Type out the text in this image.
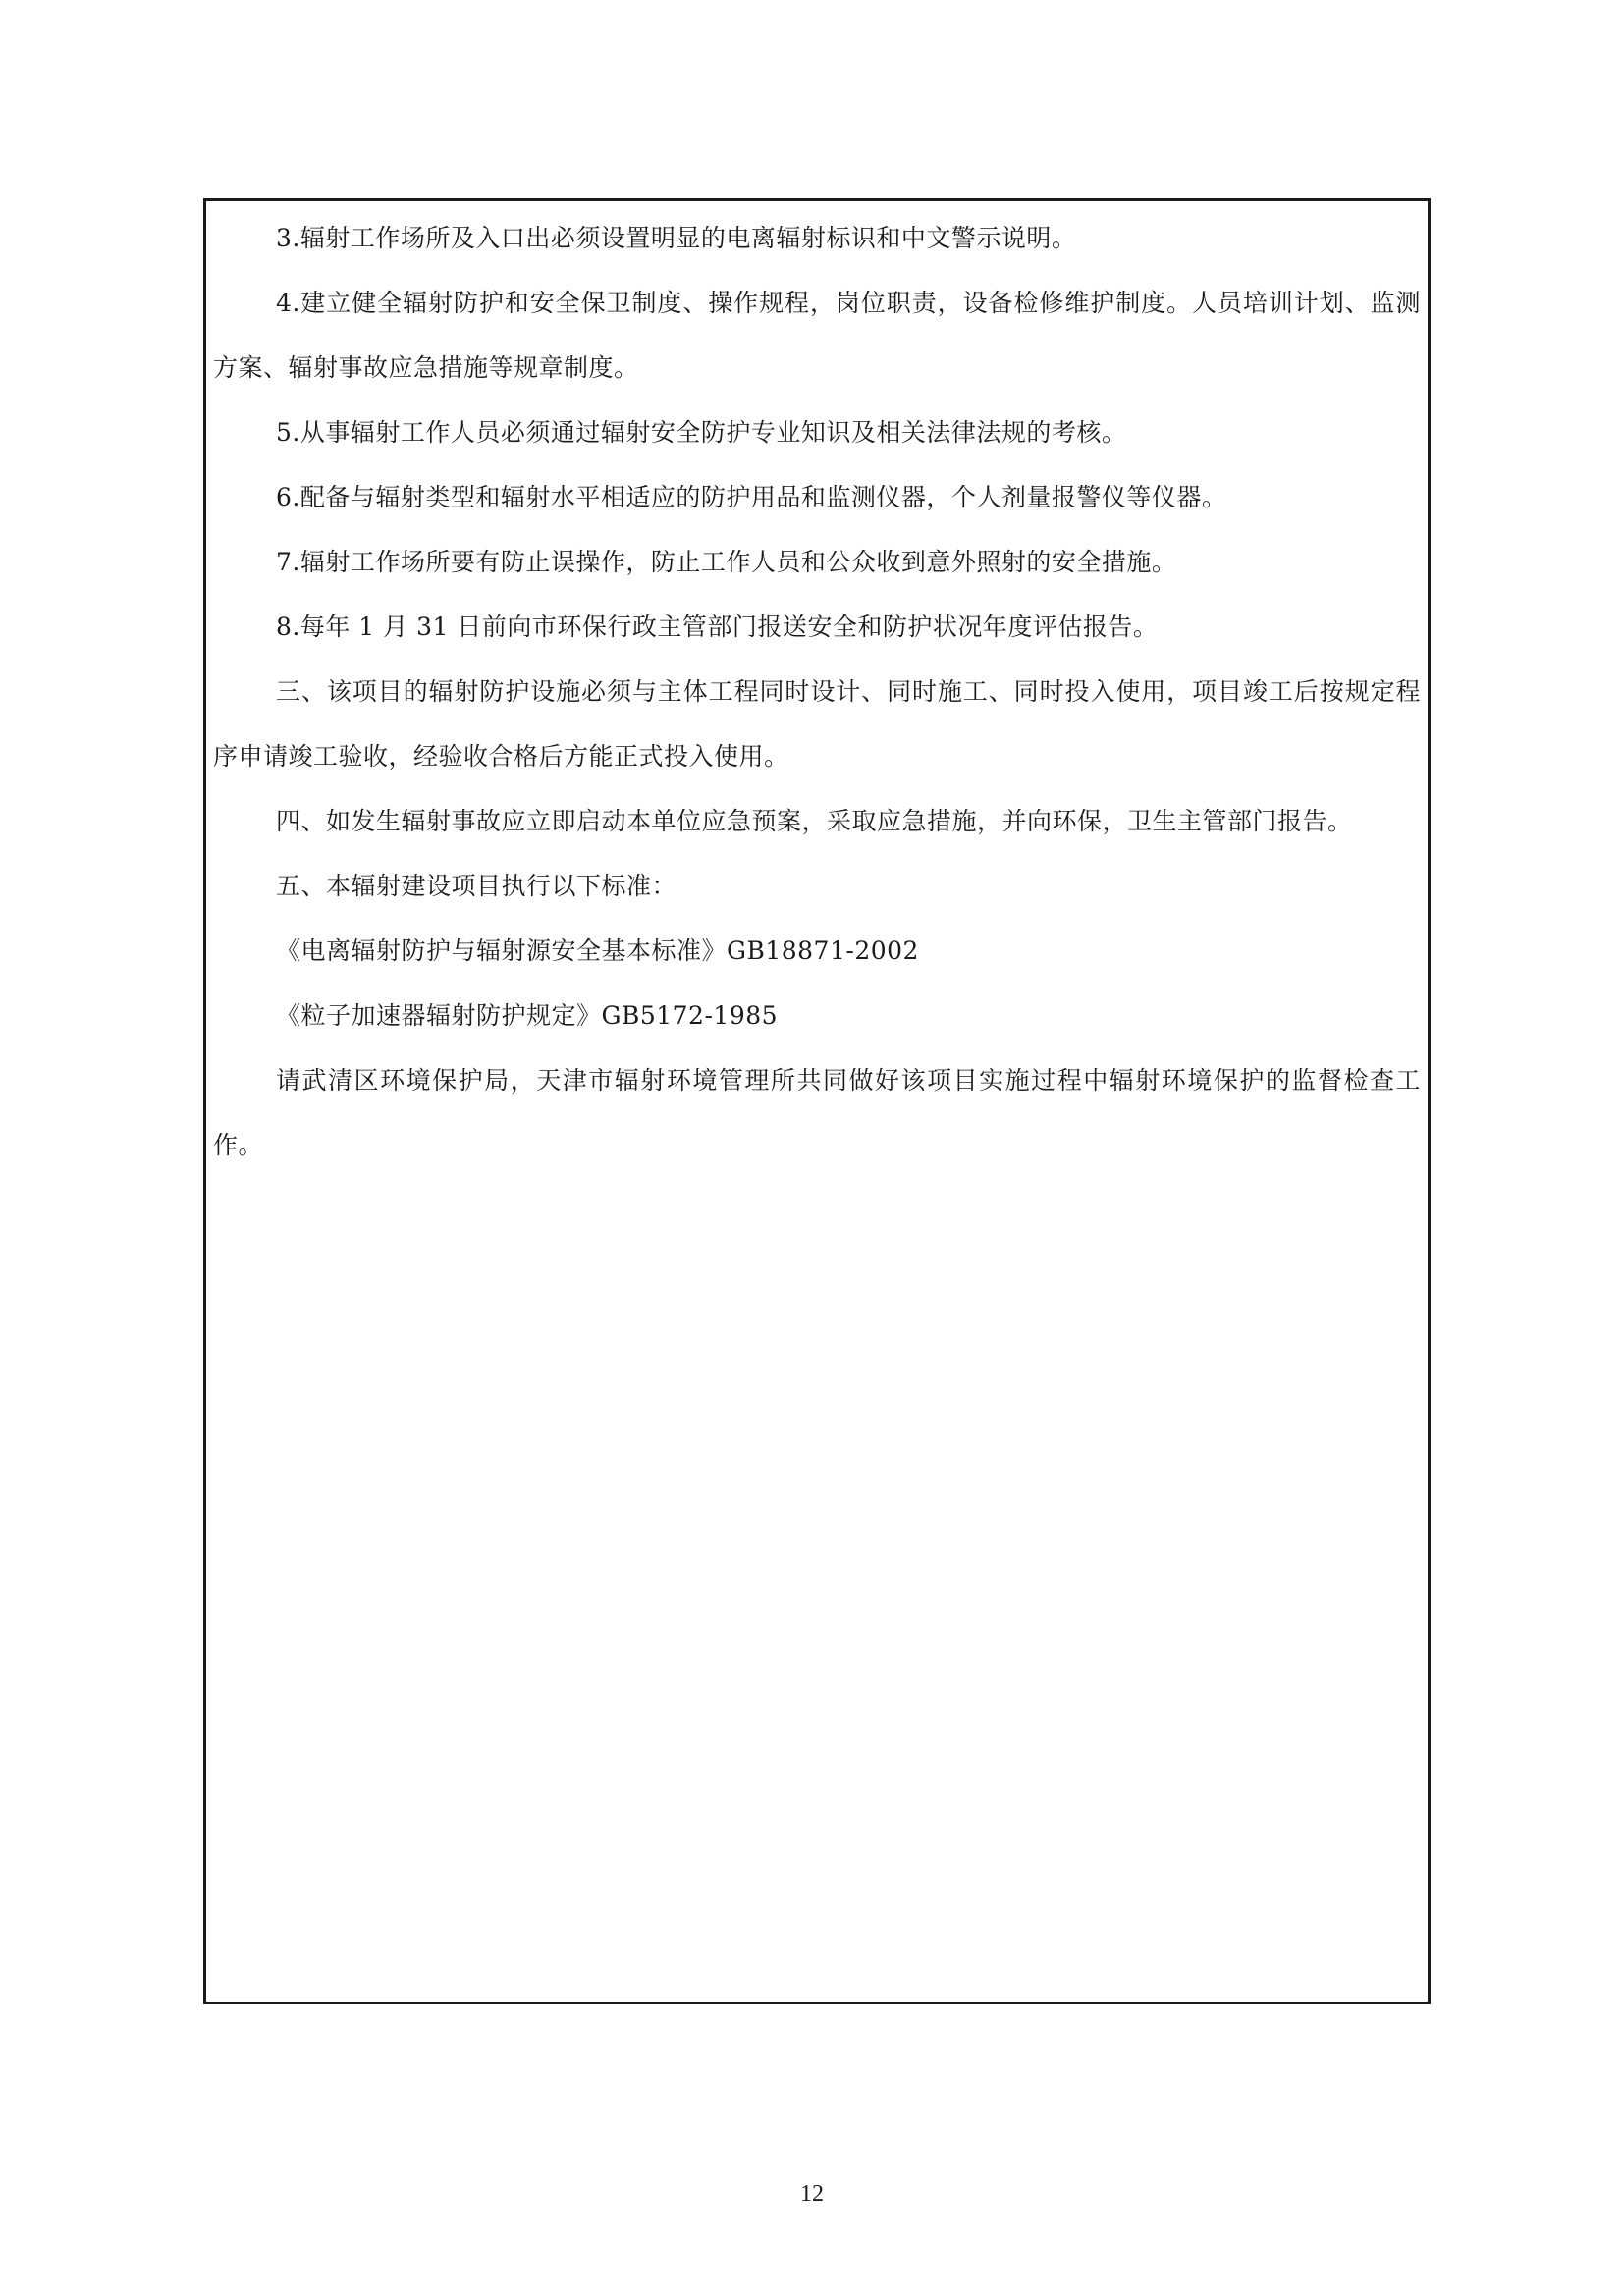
3.辐射工作场所及入口出必须设置明显的电离辐射标识和中文警示说明。

4.建立健全辐射防护和安全保卫制度、操作规程，岗位职责，设备检修维护制度。人员培训计划、监测方案、辐射事故应急措施等规章制度。

5.从事辐射工作人员必须通过辐射安全防护专业知识及相关法律法规的考核。

6.配备与辐射类型和辐射水平相适应的防护用品和监测仪器，个人剂量报警仪等仪器。

7.辐射工作场所要有防止误操作，防止工作人员和公众收到意外照射的安全措施。

8.每年 1 月 31 日前向市环保行政主管部门报送安全和防护状况年度评估报告。

三、该项目的辐射防护设施必须与主体工程同时设计、同时施工、同时投入使用，项目竣工后按规定程序申请竣工验收，经验收合格后方能正式投入使用。

四、如发生辐射事故应立即启动本单位应急预案，采取应急措施，并向环保，卫生主管部门报告。

五、本辐射建设项目执行以下标准：

《电离辐射防护与辐射源安全基本标准》GB18871-2002

《粒子加速器辐射防护规定》GB5172-1985

请武清区环境保护局，天津市辐射环境管理所共同做好该项目实施过程中辐射环境保护的监督检查工作。

12
